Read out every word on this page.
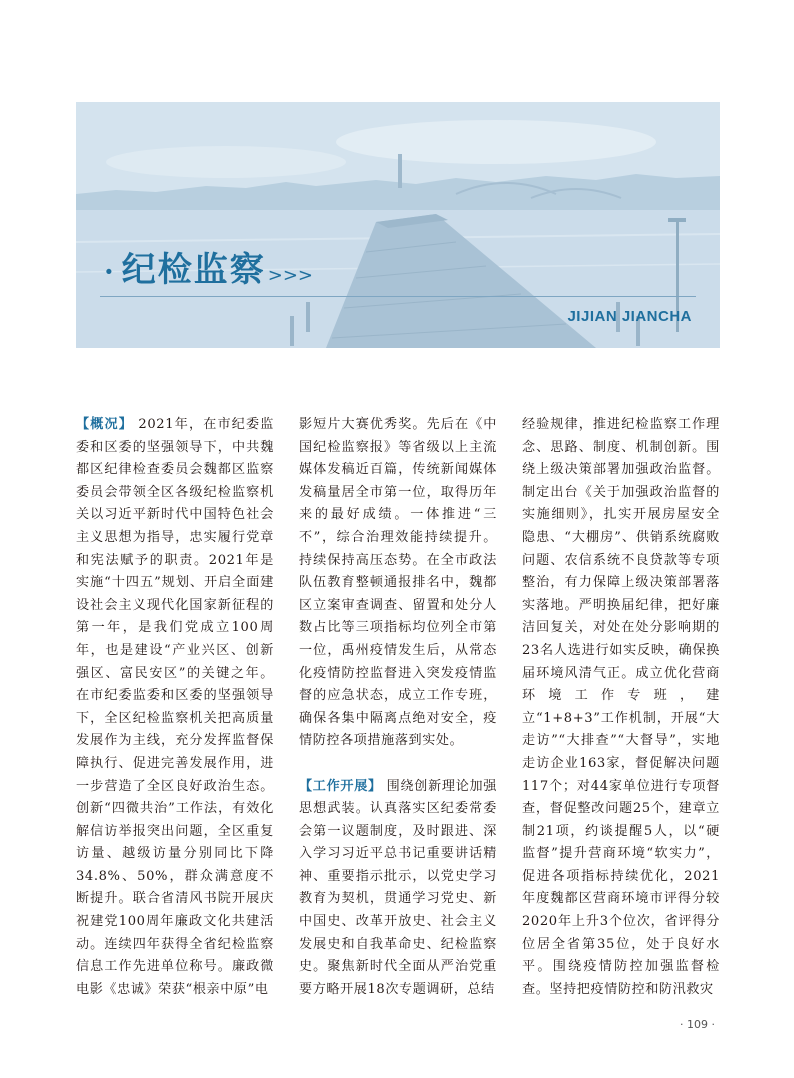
· 纪检监察 >>>
JIJIAN JIANCHA

【概况】 2021年，在市纪委监委和区委的坚强领导下，中共魏都区纪律检查委员会魏都区监察委员会带领全区各级纪检监察机关以习近平新时代中国特色社会主义思想为指导，忠实履行党章和宪法赋予的职责。2021年是实施“十四五”规划、开启全面建设社会主义现代化国家新征程的第一年，是我们党成立100周年，也是建设“产业兴区、创新强区、富民安区”的关键之年。在市纪委监委和区委的坚强领导下，全区纪检监察机关把高质量发展作为主线，充分发挥监督保障执行、促进完善发展作用，进一步营造了全区良好政治生态。创新“四微共治”工作法，有效化解信访举报突出问题，全区重复访量、越级访量分别同比下降34.8%、50%，群众满意度不断提升。联合省清风书院开展庆祝建党100周年廉政文化共建活动。连续四年获得全省纪检监察信息工作先进单位称号。廉政微电影《忠诚》荣获“根亲中原”电

影短片大赛优秀奖。先后在《中国纪检监察报》等省级以上主流媒体发稿近百篇，传统新闻媒体发稿量居全市第一位，取得历年来的最好成绩。一体推进“三不”，综合治理效能持续提升。持续保持高压态势。在全市政法队伍教育整顿通报排名中，魏都区立案审查调查、留置和处分人数占比等三项指标均位列全市第一位，禹州疫情发生后，从常态化疫情防控监督进入突发疫情监督的应急状态，成立工作专班，确保各集中隔离点绝对安全，疫情防控各项措施落到实处。

【工作开展】 围绕创新理论加强思想武装。认真落实区纪委常委会第一议题制度，及时跟进、深入学习习近平总书记重要讲话精神、重要指示批示，以党史学习教育为契机，贯通学习党史、新中国史、改革开放史、社会主义发展史和自我革命史、纪检监察史。聚焦新时代全面从严治党重要方略开展18次专题调研，总结

经验规律，推进纪检监察工作理念、思路、制度、机制创新。围绕上级决策部署加强政治监督。制定出台《关于加强政治监督的实施细则》，扎实开展房屋安全隐患、“大棚房”、供销系统腐败问题、农信系统不良贷款等专项整治，有力保障上级决策部署落实落地。严明换届纪律，把好廉洁回复关，对处在处分影响期的23名人选进行如实反映，确保换届环境风清气正。成立优化营商环境工作专班，建立“1+8+3”工作机制，开展“大走访”“大排查”“大督导”，实地走访企业163家，督促解决问题117个；对44家单位进行专项督查，督促整改问题25个，建章立制21项，约谈提醒5人，以“硬监督”提升营商环境“软实力”，促进各项指标持续优化，2021年度魏都区营商环境市评得分较2020年上升3个位次，省评得分位居全省第35位，处于良好水平。围绕疫情防控加强监督检查。坚持把疫情防控和防汛救灾

· 109 ·
